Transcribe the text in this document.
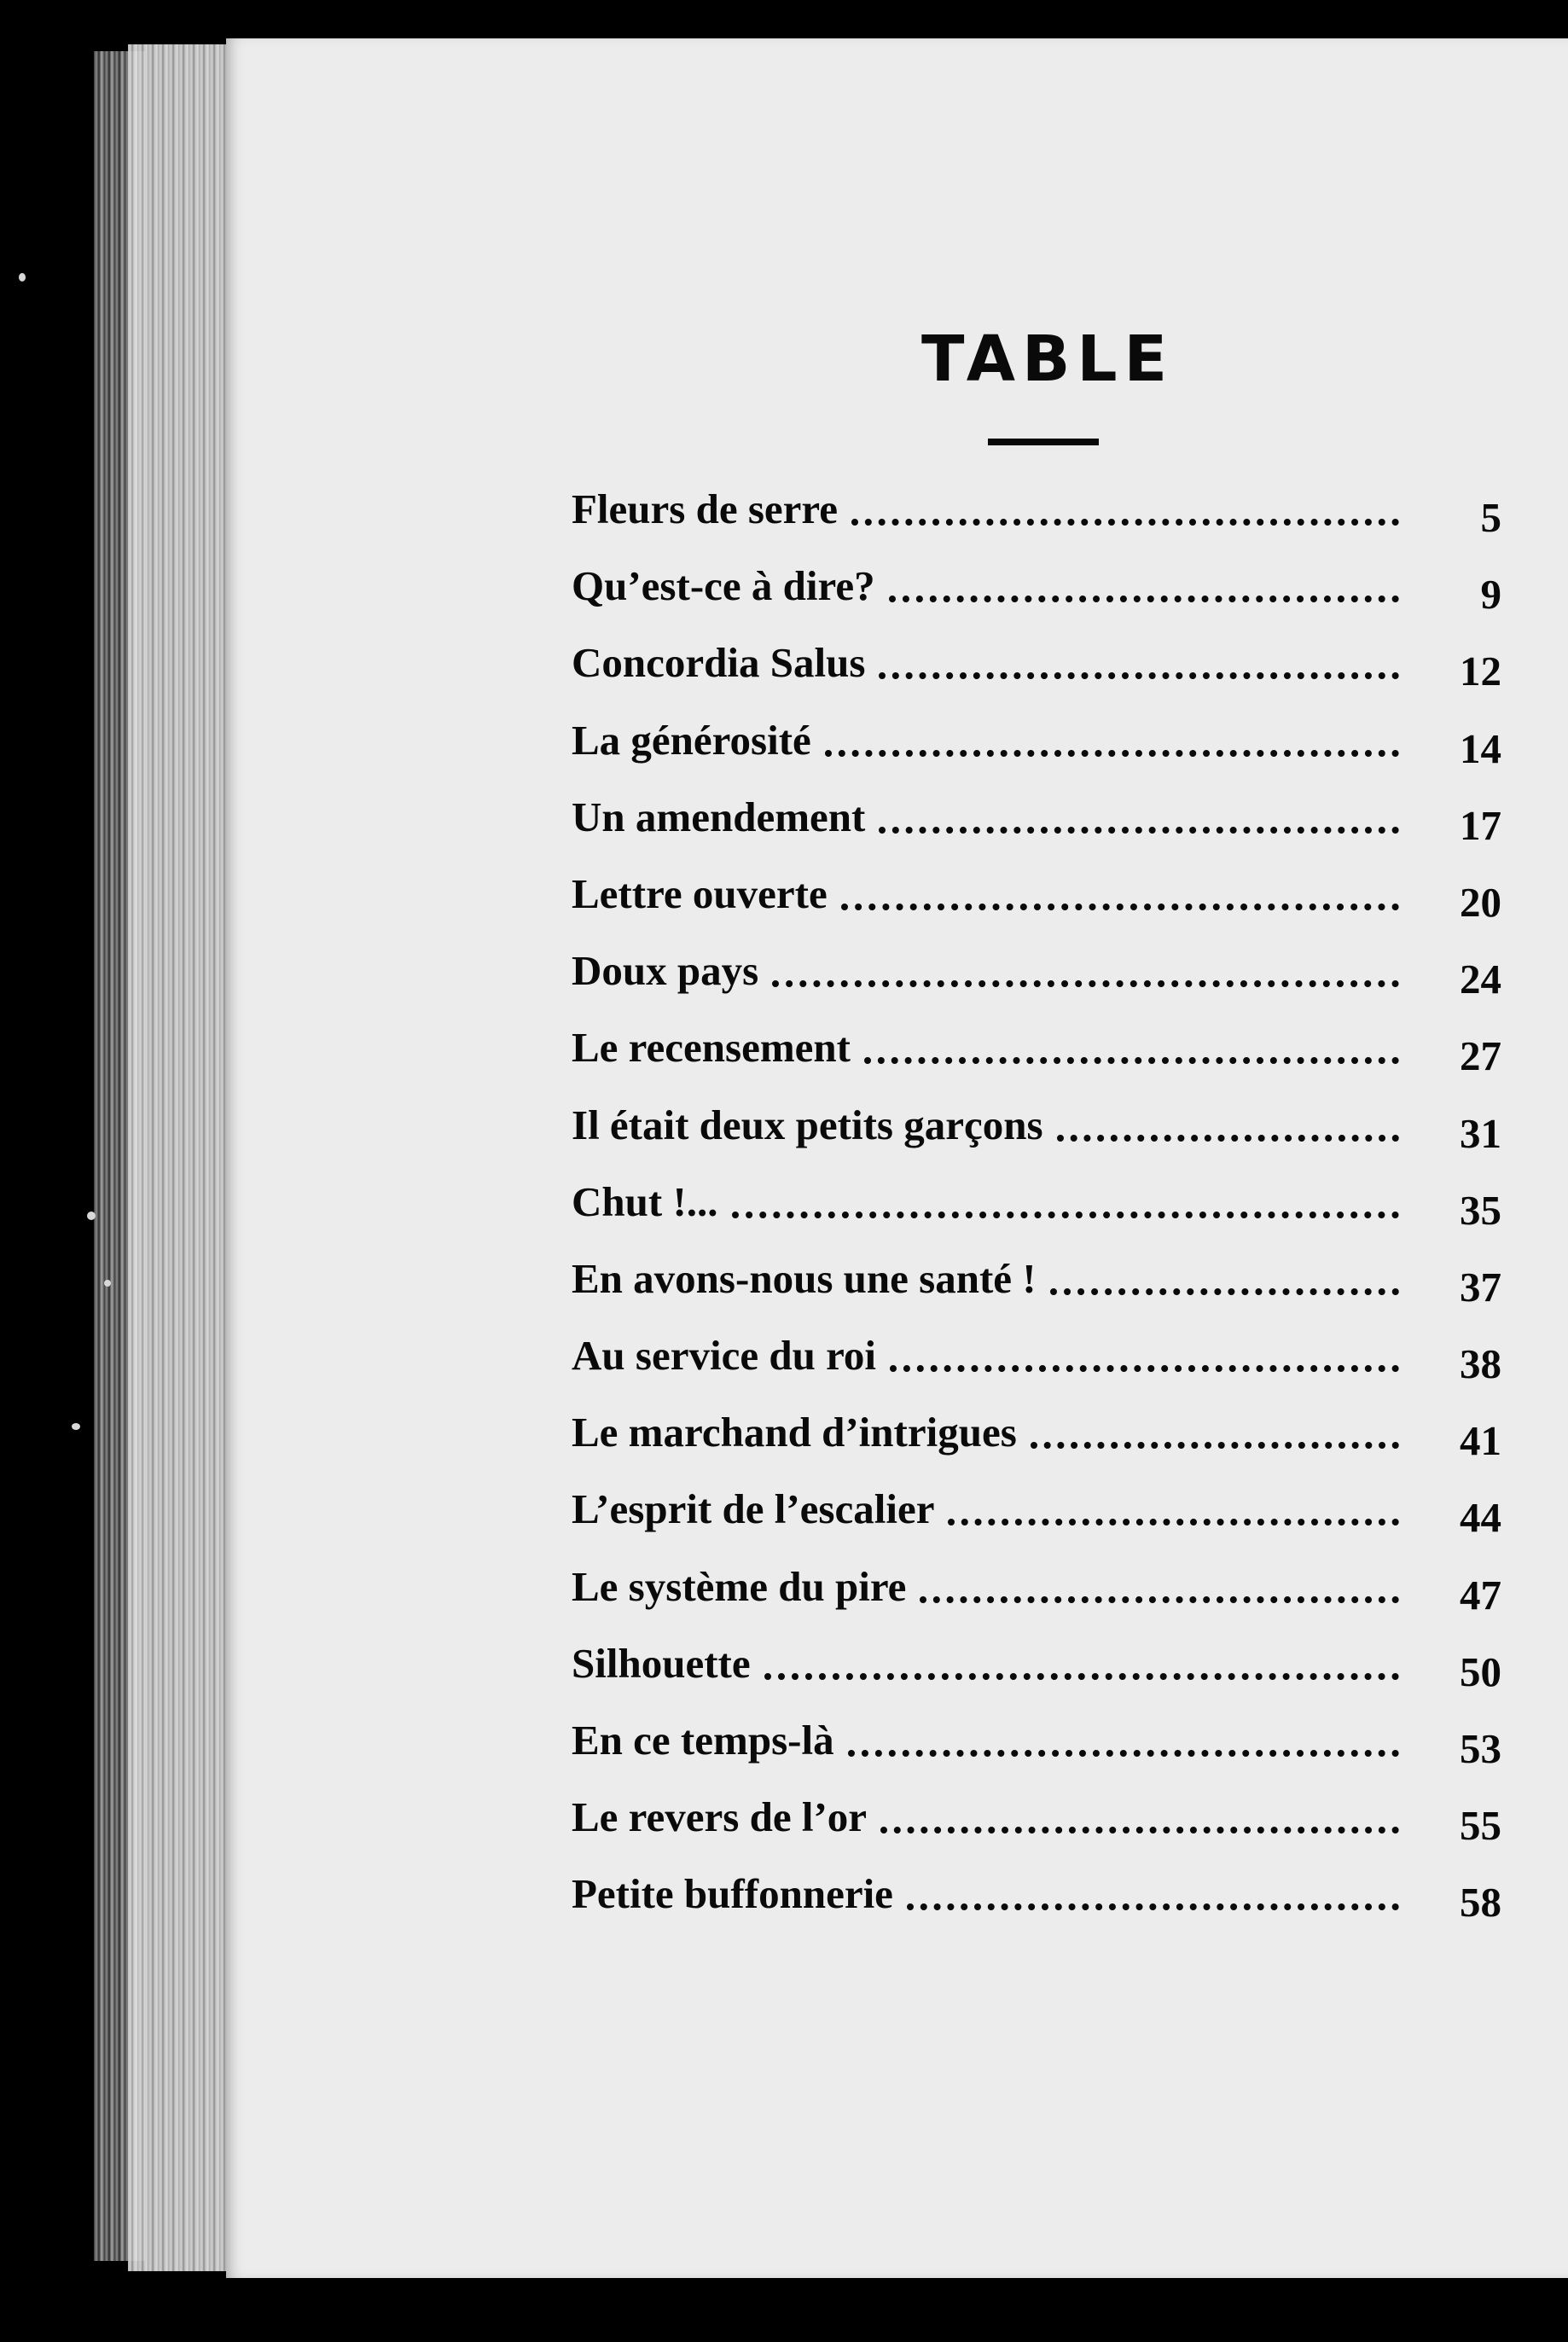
TABLE
Fleurs de serre	5
Qu’est-ce à dire?	9
Concordia Salus	12
La générosité	14
Un amendement	17
Lettre ouverte	20
Doux pays	24
Le recensement	27
Il était deux petits garçons	31
Chut !...	35
En avons-nous une santé !	37
Au service du roi	38
Le marchand d’intrigues	41
L’esprit de l’escalier	44
Le système du pire	47
Silhouette	50
En ce temps-là	53
Le revers de l’or	55
Petite buffonnerie	58
